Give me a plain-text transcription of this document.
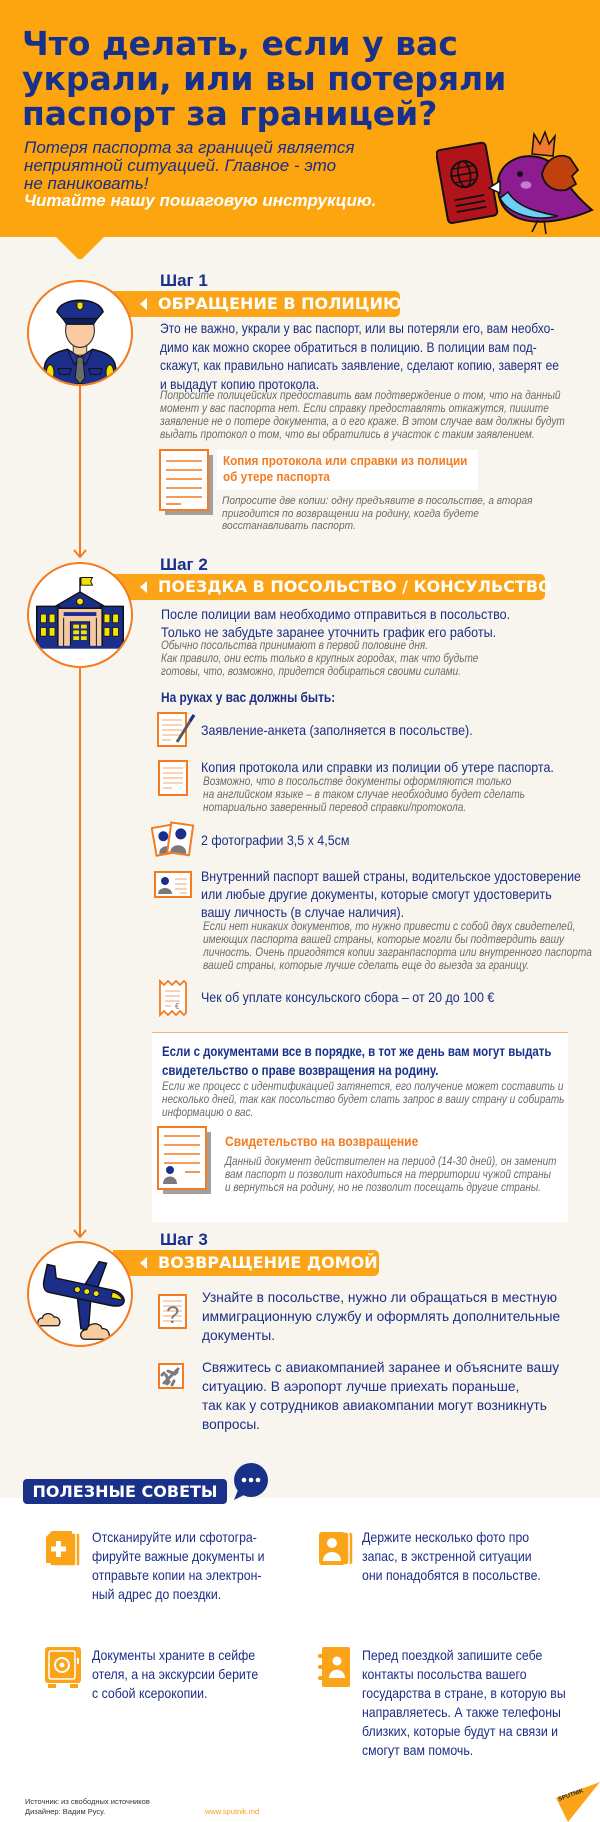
Что делать, если у вас
украли, или вы потеряли
паспорт за границей?
Потеря паспорта за границей является
неприятной ситуацией. Главное - это
не паниковать!
Читайте нашу пошаговую инструкцию.
Шаг 1
ОБРАЩЕНИЕ В ПОЛИЦИЮ
Это не важно, украли у вас паспорт, или вы потеряли его, вам необхо-
димо как можно скорее обратиться в полицию. В полиции вам под-
скажут, как правильно написать заявление, сделают копию, заверят ее
и выдадут копию протокола.
Попросите полицейских предоставить вам подтверждение о том, что на данный
момент у вас паспорта нет. Если справку предоставлять откажутся, пишите
заявление не о потере документа, а о его краже. В этом случае вам должны будут
выдать протокол о том, что вы обратились в участок с таким заявлением.
Копия протокола или справки из полиции
об утере паспорта
Попросите две копии: одну предъявите в посольстве, а вторая
пригодится по возвращении на родину, когда будете
восстанавливать паспорт.
Шаг 2
ПОЕЗДКА В ПОСОЛЬСТВО / КОНСУЛЬСТВО
После полиции вам необходимо отправиться в посольство.
Только не забудьте заранее уточнить график его работы.
Обычно посольства принимают в первой половине дня.
Как правило, они есть только в крупных городах, так что будьте
готовы, что, возможно, придется добираться своими силами.
На руках у вас должны быть:
Заявление-анкета (заполняется в посольстве).
Копия протокола или справки из полиции об утере паспорта.
Возможно, что в посольстве документы оформляются только
на английском языке – в таком случае необходимо будет сделать
нотариально заверенный перевод справки/протокола.
2 фотографии 3,5 х 4,5см
Внутренний паспорт вашей страны, водительское удостоверение
или любые другие документы, которые смогут удостоверить
вашу личность (в случае наличия).
Если нет никаких документов, то нужно привести с собой двух свидетелей,
имеющих паспорта вашей страны, которые могли бы подтвердить вашу
личность. Очень пригодятся копии загранпаспорта или внутренного паспорта
вашей страны, которые лучше сделать еще до выезда за границу.
€
Чек об уплате консульского сбора – от 20 до 100 €
Если с документами все в порядке, в тот же день вам могут выдать
свидетельство о праве возвращения на родину.
Если же процесс с идентификацией затянется, его получение может составить и
несколько дней, так как посольство будет слать запрос в вашу страну и собирать
информацию о вас.
Свидетельство на возвращение
Данный документ действителен на период (14-30 дней), он заменит
вам паспорт и позволит находиться на территории чужой страны
и вернуться на родину, но не позволит посещать другие страны.
Шаг 3
ВОЗВРАЩЕНИЕ ДОМОЙ
?
Узнайте в посольстве, нужно ли обращаться в местную
иммиграционную службу и оформлять дополнительные
документы.
Свяжитесь с авиакомпанией заранее и объясните вашу
ситуацию. В аэропорт лучше приехать пораньше,
так как у сотрудников авиакомпании могут возникнуть
вопросы.
ПОЛЕЗНЫЕ СОВЕТЫ
Отсканируйте или сфотогра-
фируйте важные документы и
отправьте копии на электрон-
ный адрес до поездки.
Держите несколько фото про
запас, в экстренной ситуации
они понадобятся в посольстве.
Документы храните в сейфе
отеля, а на экскурсии берите
с собой ксерокопии.
Перед поездкой запишите себе
контакты посольства вашего
государства в стране, в которую вы
направляетесь. А также телефоны
близких, которые будут на связи и
смогут вам помочь.
Источник: из свободных источников
Дизайнер: Вадим Русу.	www.sputnik.md
SPUTNIK
